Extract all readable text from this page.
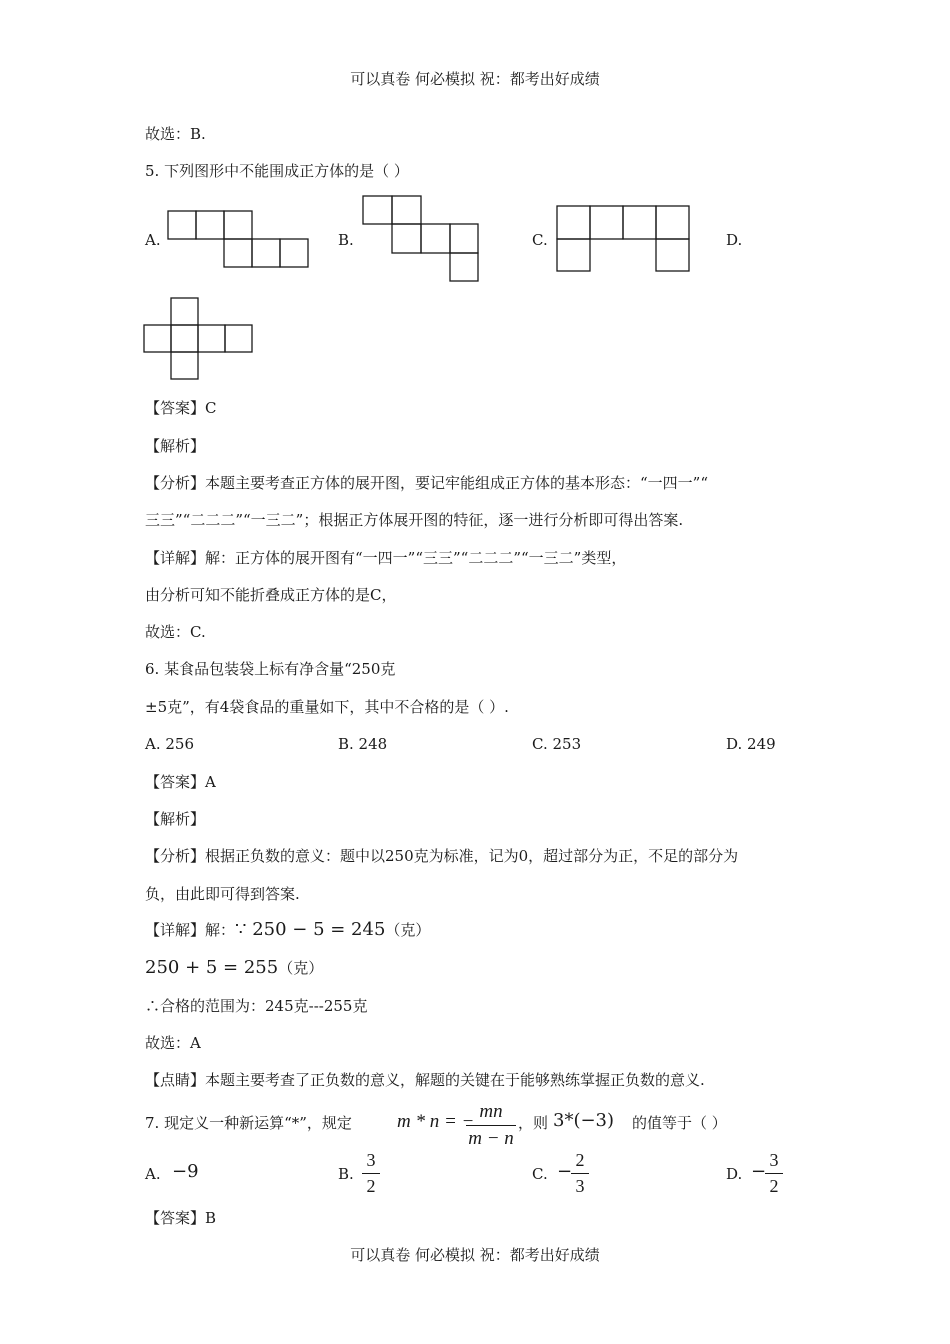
可以真卷 何必模拟 祝：都考出好成绩
故选：B.
5. 下列图形中不能围成正方体的是（ ）
A.	B.	C.	D.
【答案】C
【解析】
【分析】本题主要考查正方体的展开图，要记牢能组成正方体的基本形态：“一四一”“
三三”“二二二”“一三二”；根据正方体展开图的特征，逐一进行分析即可得出答案.
【详解】解：正方体的展开图有“一四一”“三三”“二二二”“一三二”类型，
由分析可知不能折叠成正方体的是C，
故选：C.
6. 某食品包装袋上标有净含量“250克
±5克”，有4袋食品的重量如下，其中不合格的是（ ）.
A. 256	B. 248	C. 253	D. 249
【答案】A
【解析】
【分析】根据正负数的意义：题中以250克为标准，记为0，超过部分为正，不足的部分为
负，由此即可得到答案.
【详解】解：∵ 250 − 5 = 245（克）
250 + 5 = 255（克）
∴合格的范围为：245克---255克
故选：A
【点睛】本题主要考查了正负数的意义，解题的关键在于能够熟练掌握正负数的意义.
7. 现定义一种新运算“*”，规定 m * n = − mn
m − n
，则 3*(−3) 的值等于（ ）
A. −9	B.
3
2
C. −
2
3
D. −
3
2
【答案】B
可以真卷 何必模拟 祝：都考出好成绩
